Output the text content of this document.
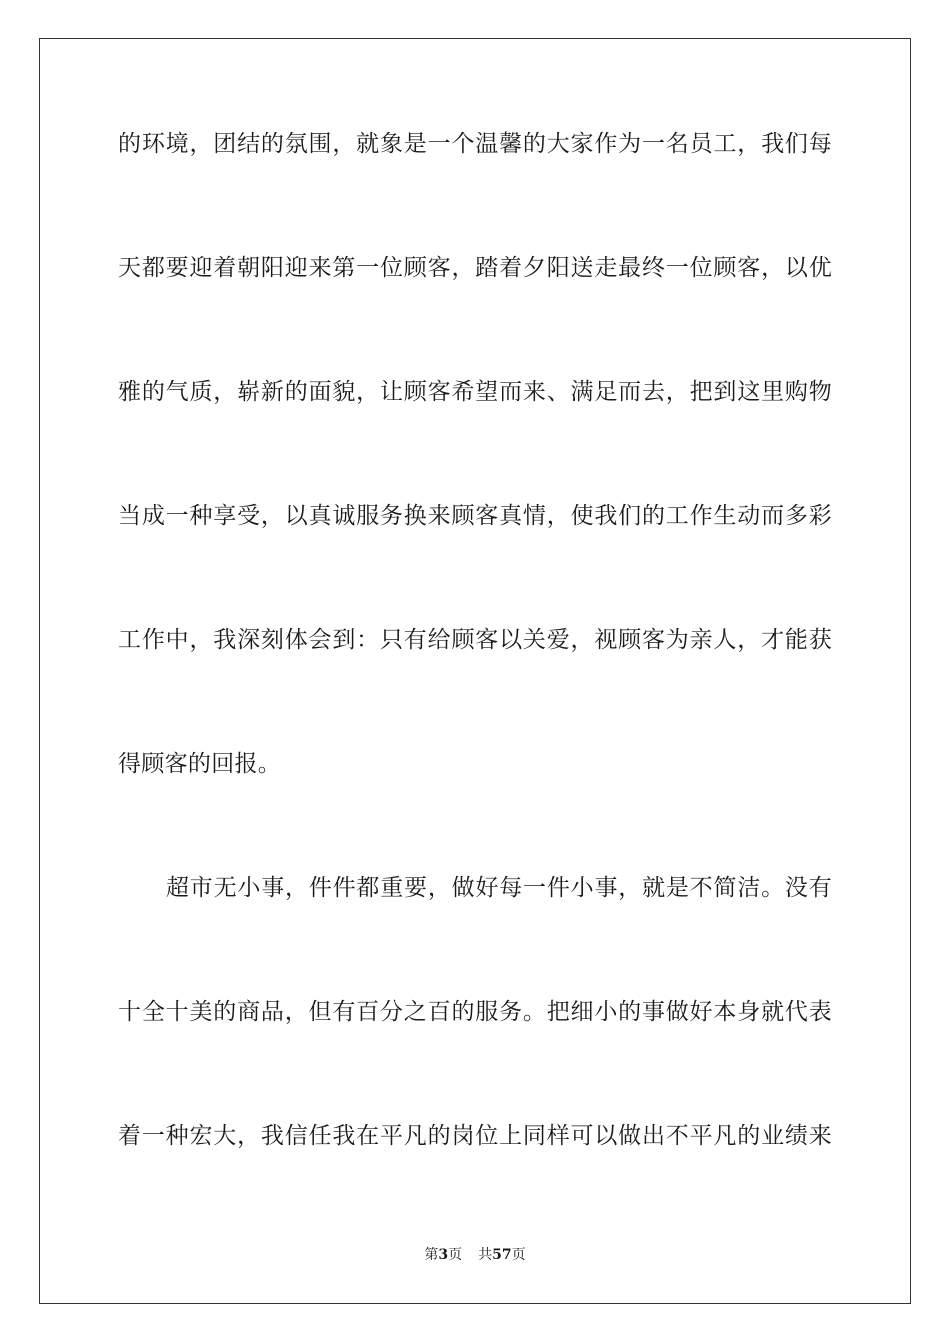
的环境，团结的氛围，就象是一个温馨的大家作为一名员工，我们每
天都要迎着朝阳迎来第一位顾客，踏着夕阳送走最终一位顾客，以优
雅的气质，崭新的面貌，让顾客希望而来、满足而去，把到这里购物
当成一种享受，以真诚服务换来顾客真情，使我们的工作生动而多彩
工作中，我深刻体会到：只有给顾客以关爱，视顾客为亲人，才能获
得顾客的回报。
超市无小事，件件都重要，做好每一件小事，就是不简洁。没有
十全十美的商品，但有百分之百的服务。把细小的事做好本身就代表
着一种宏大，我信任我在平凡的岗位上同样可以做出不平凡的业绩来
第3页 共57页
